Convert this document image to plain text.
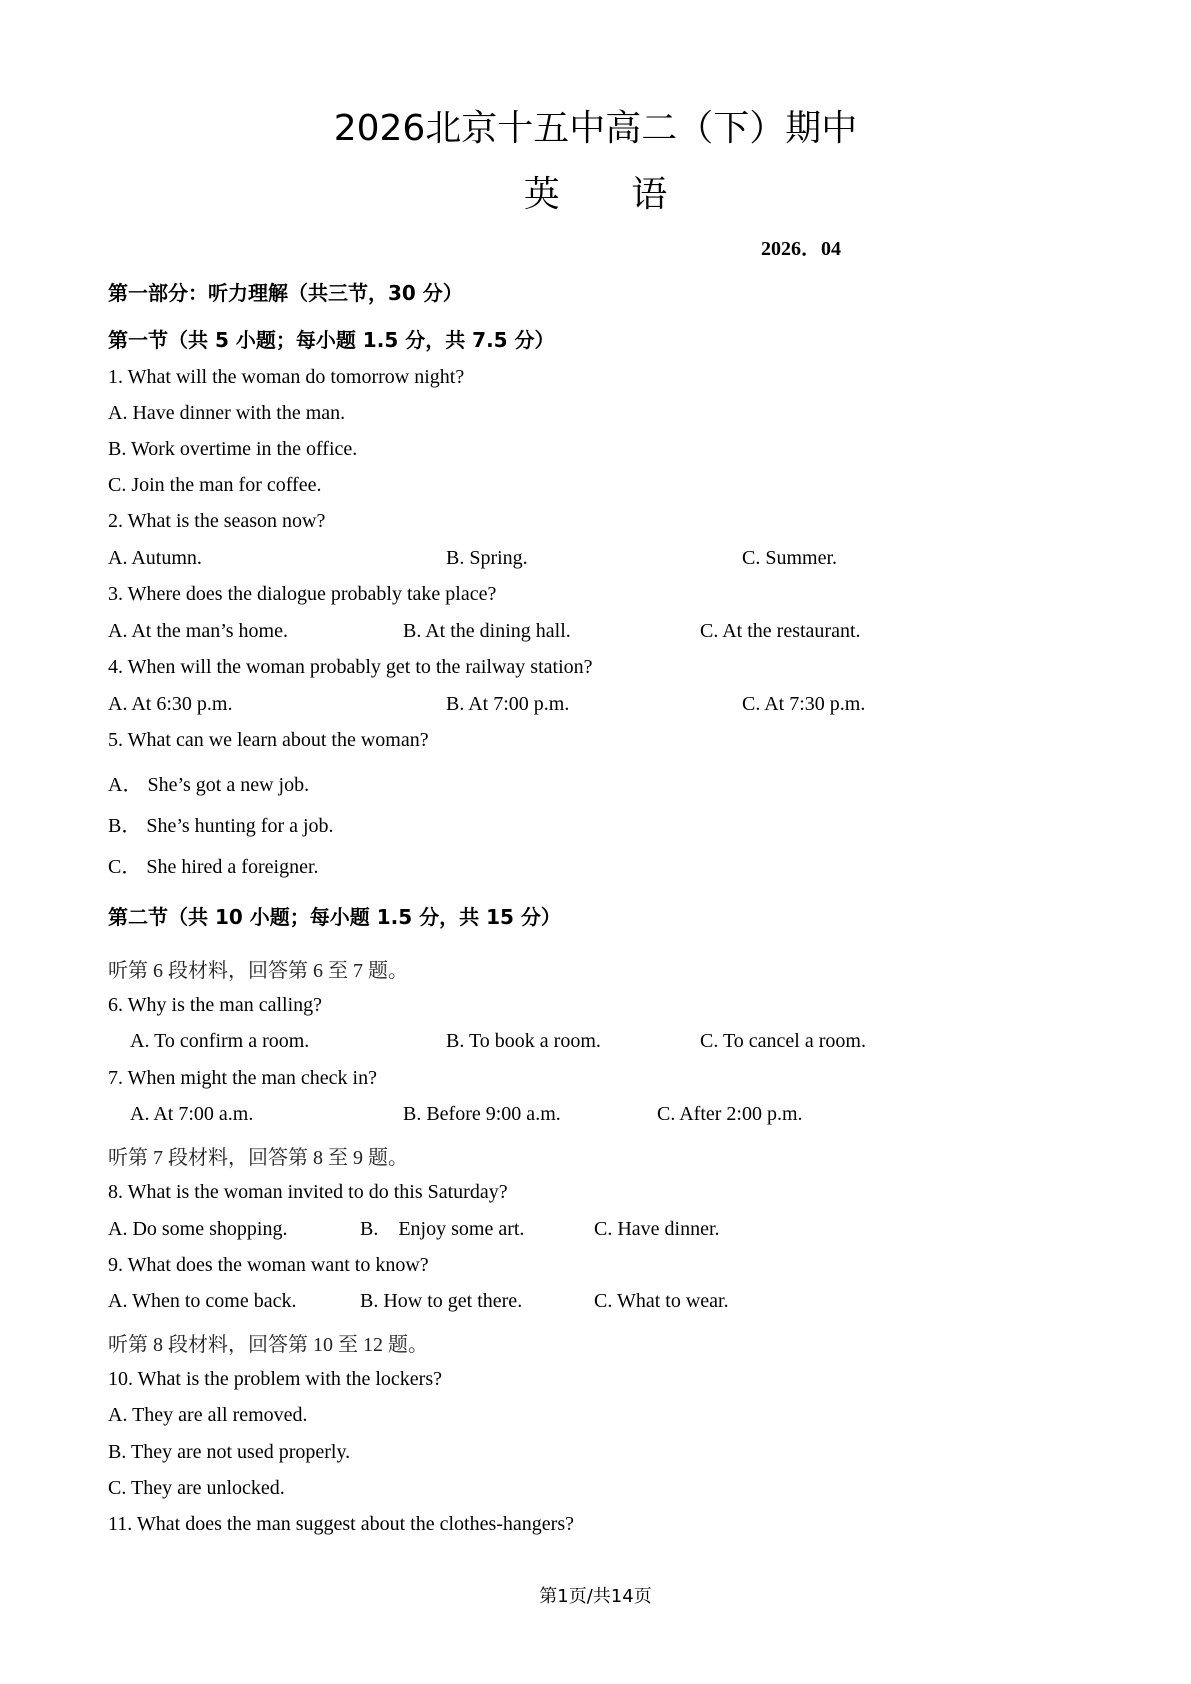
2026北京十五中高二（下）期中
英 语
2026．04
第一部分：听力理解（共三节，30 分）
第一节（共 5 小题；每小题 1.5 分，共 7.5 分）
1. What will the woman do tomorrow night?
A. Have dinner with the man.
B. Work overtime in the office.
C. Join the man for coffee.
2. What is the season now?
A. Autumn.	B. Spring.	C. Summer.
3. Where does the dialogue probably take place?
A. At the man’s home.	B. At the dining hall.	C. At the restaurant.
4. When will the woman probably get to the railway station?
A. At 6:30 p.m.	B. At 7:00 p.m.	C. At 7:30 p.m.
5. What can we learn about the woman?
A． She’s got a new job.
B． She’s hunting for a job.
C． She hired a foreigner.
第二节（共 10 小题；每小题 1.5 分，共 15 分）
听第 6 段材料，回答第 6 至 7 题。
6. Why is the man calling?
A. To confirm a room.	B. To book a room.	C. To cancel a room.
7. When might the man check in?
A. At 7:00 a.m.	B. Before 9:00 a.m.	C. After 2:00 p.m.
听第 7 段材料，回答第 8 至 9 题。
8. What is the woman invited to do this Saturday?
A. Do some shopping.	B.    Enjoy some art.	C. Have dinner.
9. What does the woman want to know?
A. When to come back.	B. How to get there.	C. What to wear.
听第 8 段材料，回答第 10 至 12 题。
10. What is the problem with the lockers?
A. They are all removed.
B. They are not used properly.
C. They are unlocked.
11. What does the man suggest about the clothes-hangers?
第1页/共14页
